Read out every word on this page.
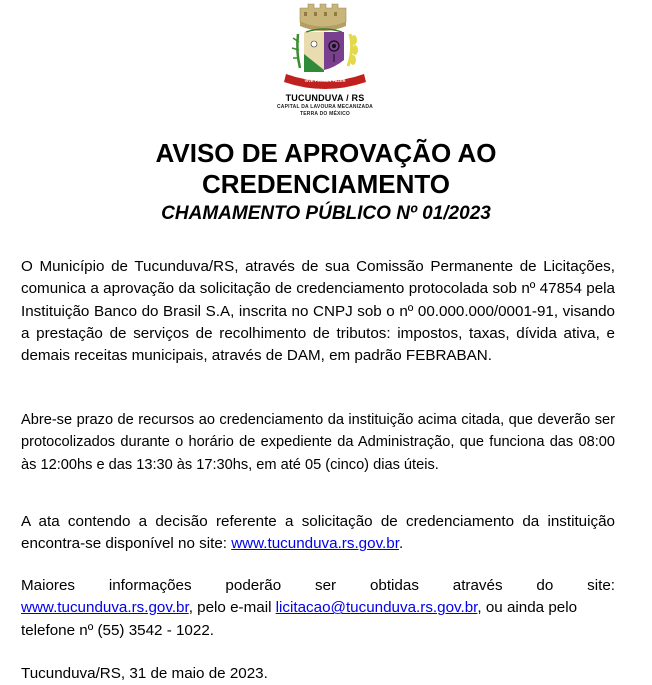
VIVE PENSAR FAZER
TUCUNDUVA / RS
CAPITAL DA LAVOURA MECANIZADA
TERRA DO MÉXICO
AVISO DE APROVAÇÃO AO
CREDENCIAMENTO
CHAMAMENTO PÚBLICO Nº 01/2023
O Município de Tucunduva/RS, através de sua Comissão Permanente de Licitações, comunica a aprovação da solicitação de credenciamento protocolada sob nº 47854 pela Instituição Banco do Brasil S.A, inscrita no CNPJ sob o nº 00.000.000/0001-91, visando a prestação de serviços de recolhimento de tributos: impostos, taxas, dívida ativa, e demais receitas municipais, através de DAM, em padrão FEBRABAN.
Abre-se prazo de recursos ao credenciamento da instituição acima citada, que deverão ser protocolizados durante o horário de expediente da Administração, que funciona das 08:00 às 12:00hs e das 13:30 às 17:30hs, em até 05 (cinco) dias úteis.
A ata contendo a decisão referente a solicitação de credenciamento da instituição encontra-se disponível no site: www.tucunduva.rs.gov.br.
Maiores informações poderão ser obtidas através do site:
www.tucunduva.rs.gov.br, pelo e-mail licitacao@tucunduva.rs.gov.br, ou ainda pelo telefone nº (55) 3542 - 1022.
Tucunduva/RS, 31 de maio de 2023.
